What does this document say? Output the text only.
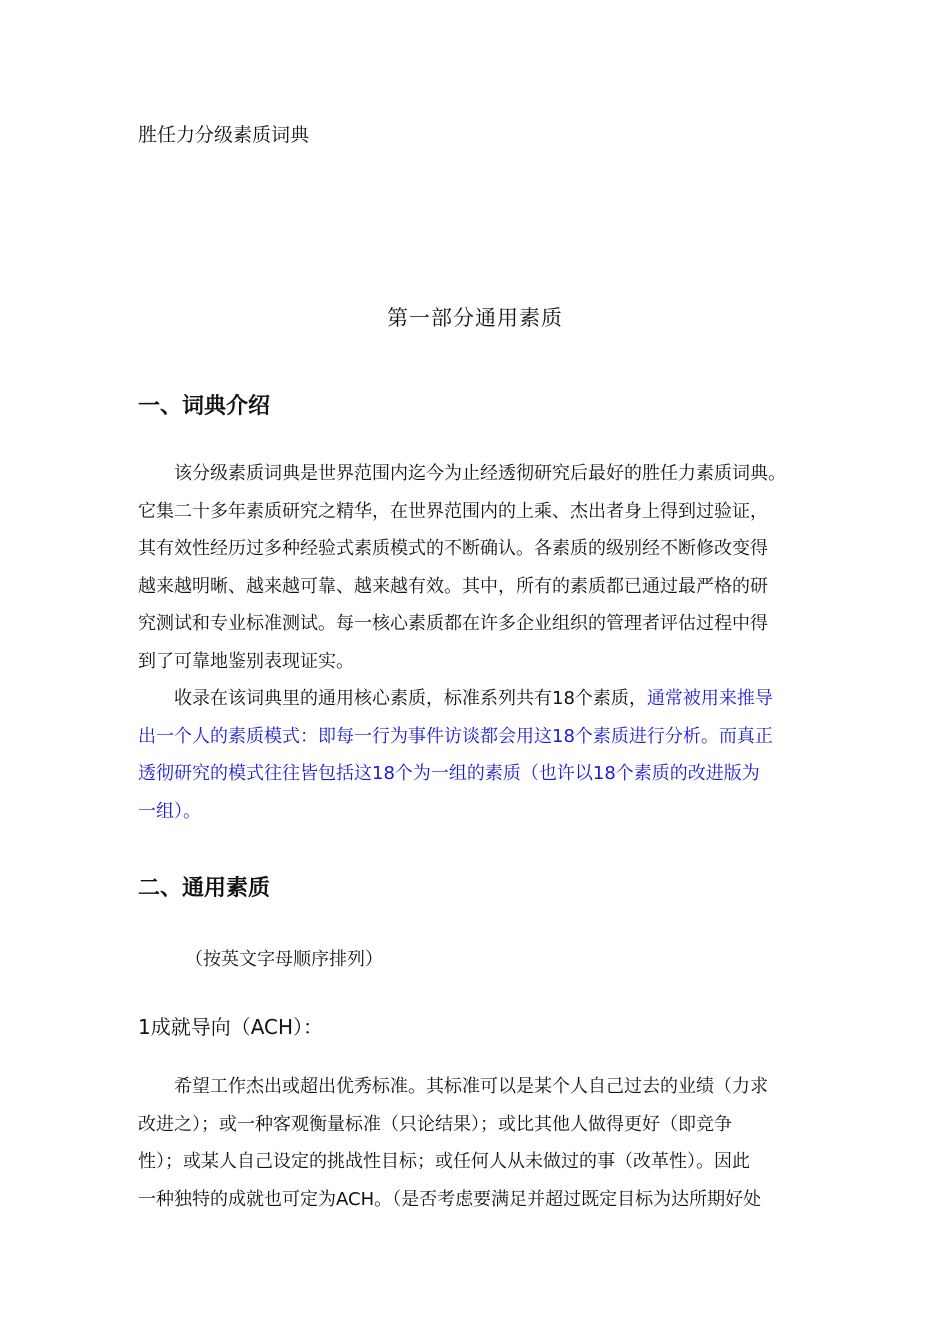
胜任力分级素质词典
第一部分通用素质
一、词典介绍
该分级素质词典是世界范围内迄今为止经透彻研究后最好的胜任力素质词典。
它集二十多年素质研究之精华，在世界范围内的上乘、杰出者身上得到过验证，
其有效性经历过多种经验式素质模式的不断确认。各素质的级别经不断修改变得
越来越明晰、越来越可靠、越来越有效。其中，所有的素质都已通过最严格的研
究测试和专业标准测试。每一核心素质都在许多企业组织的管理者评估过程中得
到了可靠地鉴别表现证实。
收录在该词典里的通用核心素质，标准系列共有18个素质，通常被用来推导
出一个人的素质模式：即每一行为事件访谈都会用这18个素质进行分析。而真正
透彻研究的模式往往皆包括这18个为一组的素质（也许以18个素质的改进版为
一组）。
二、通用素质
（按英文字母顺序排列）
1成就导向（ACH）：
希望工作杰出或超出优秀标准。其标准可以是某个人自己过去的业绩（力求
改进之）；或一种客观衡量标准（只论结果）；或比其他人做得更好（即竞争
性）；或某人自己设定的挑战性目标；或任何人从未做过的事（改革性）。因此
一种独特的成就也可定为ACH。（是否考虑要满足并超过既定目标为达所期好处
